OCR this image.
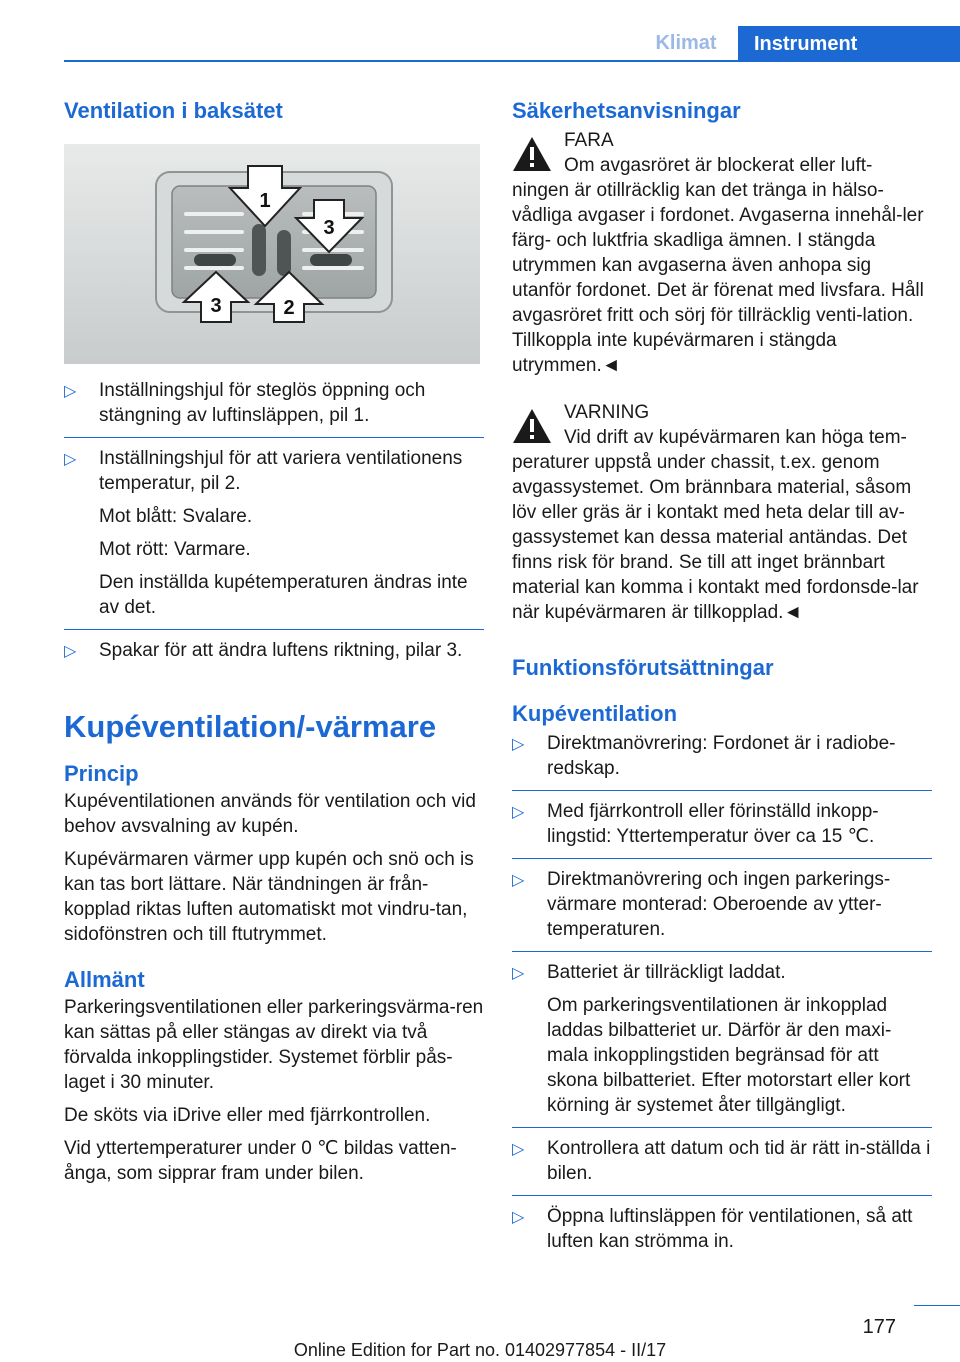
Klimat	Instrument
Ventilation i baksätet
1
3
3	2
▷ Inställningshjul för steglös öppning och stängning av luftinsläppen, pil 1.

▷ Inställningshjul för att variera ventilationens temperatur, pil 2.

Mot blått: Svalare.

Mot rött: Varmare.

Den inställda kupétemperaturen ändras inte av det.

▷ Spakar för att ändra luftens riktning, pilar 3.

Kupéventilation/-värmare
Princip

Kupéventilationen används för ventilation och vid behov avsvalning av kupén.

Kupévärmaren värmer upp kupén och snö och is kan tas bort lättare. När tändningen är från-kopplad riktas luften automatiskt mot vindru-tan, sidofönstren och till ftutrymmet.

Allmänt

Parkeringsventilationen eller parkeringsvärma-ren kan sättas på eller stängas av direkt via två förvalda inkopplingstider. Systemet förblir pås-laget i 30 minuter.

De sköts via iDrive eller med fjärrkontrollen.

Vid yttertemperaturer under 0 ℃ bildas vatten-ånga, som sipprar fram under bilen.

Säkerhetsanvisningar

FARA

Om avgasröret är blockerat eller luft-

ningen är otillräcklig kan det tränga in hälso-vådliga avgaser i fordonet. Avgaserna innehål-ler färg- och luktfria skadliga ämnen. I stängda utrymmen kan avgaserna även anhopa sig utanför fordonet. Det är förenat med livsfara. Håll avgasröret fritt och sörj för tillräcklig venti-lation. Tillkoppla inte kupévärmaren i stängda utrymmen.◄

VARNING

Vid drift av kupévärmaren kan höga tem-

peraturer uppstå under chassit, t.ex. genom avgassystemet. Om brännbara material, såsom löv eller gräs är i kontakt med heta delar till av-gassystemet kan dessa material antändas. Det finns risk för brand. Se till att inget brännbart material kan komma i kontakt med fordonsde-lar när kupévärmaren är tillkopplad.◄

Funktionsförutsättningar
Kupéventilation
▷ Direktmanövrering: Fordonet är i radiobe-redskap.

▷ Med fjärrkontroll eller förinställd inkopp-lingstid: Yttertemperatur över ca 15 ℃.

▷ Direktmanövrering och ingen parkerings-värmare monterad: Oberoende av ytter-temperaturen.

▷ Batteriet är tillräckligt laddat.

Om parkeringsventilationen är inkopplad laddas bilbatteriet ur. Därför är den maxi-mala inkopplingstiden begränsad för att skona bilbatteriet. Efter motorstart eller kort körning är systemet åter tillgängligt.

▷ Kontrollera att datum och tid är rätt in-ställda i bilen.

▷ Öppna luftinsläppen för ventilationen, så att luften kan strömma in.

177
Online Edition for Part no. 01402977854 - II/17
